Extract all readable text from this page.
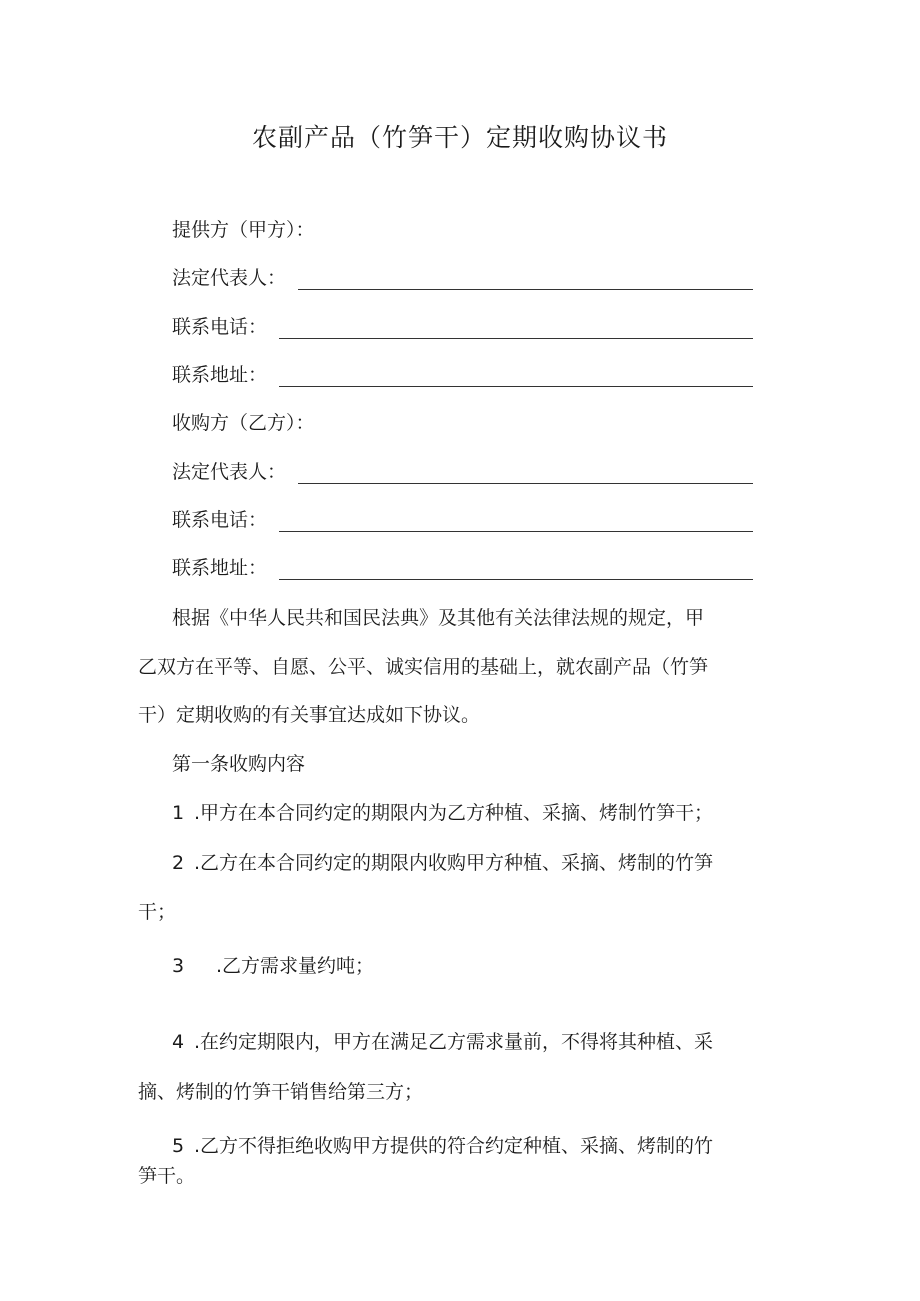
农副产品（竹笋干）定期收购协议书
提供方（甲方）：
法定代表人：
联系电话：
联系地址：
收购方（乙方）：
法定代表人：
联系电话：
联系地址：
根据《中华人民共和国民法典》及其他有关法律法规的规定，甲
乙双方在平等、自愿、公平、诚实信用的基础上，就农副产品（竹笋
干）定期收购的有关事宜达成如下协议。
第一条收购内容
1 .甲方在本合同约定的期限内为乙方种植、采摘、烤制竹笋干；
2 .乙方在本合同约定的期限内收购甲方种植、采摘、烤制的竹笋
干；
3 .乙方需求量约吨；
4 .在约定期限内，甲方在满足乙方需求量前，不得将其种植、采
摘、烤制的竹笋干销售给第三方；
5 .乙方不得拒绝收购甲方提供的符合约定种植、采摘、烤制的竹
笋干。
